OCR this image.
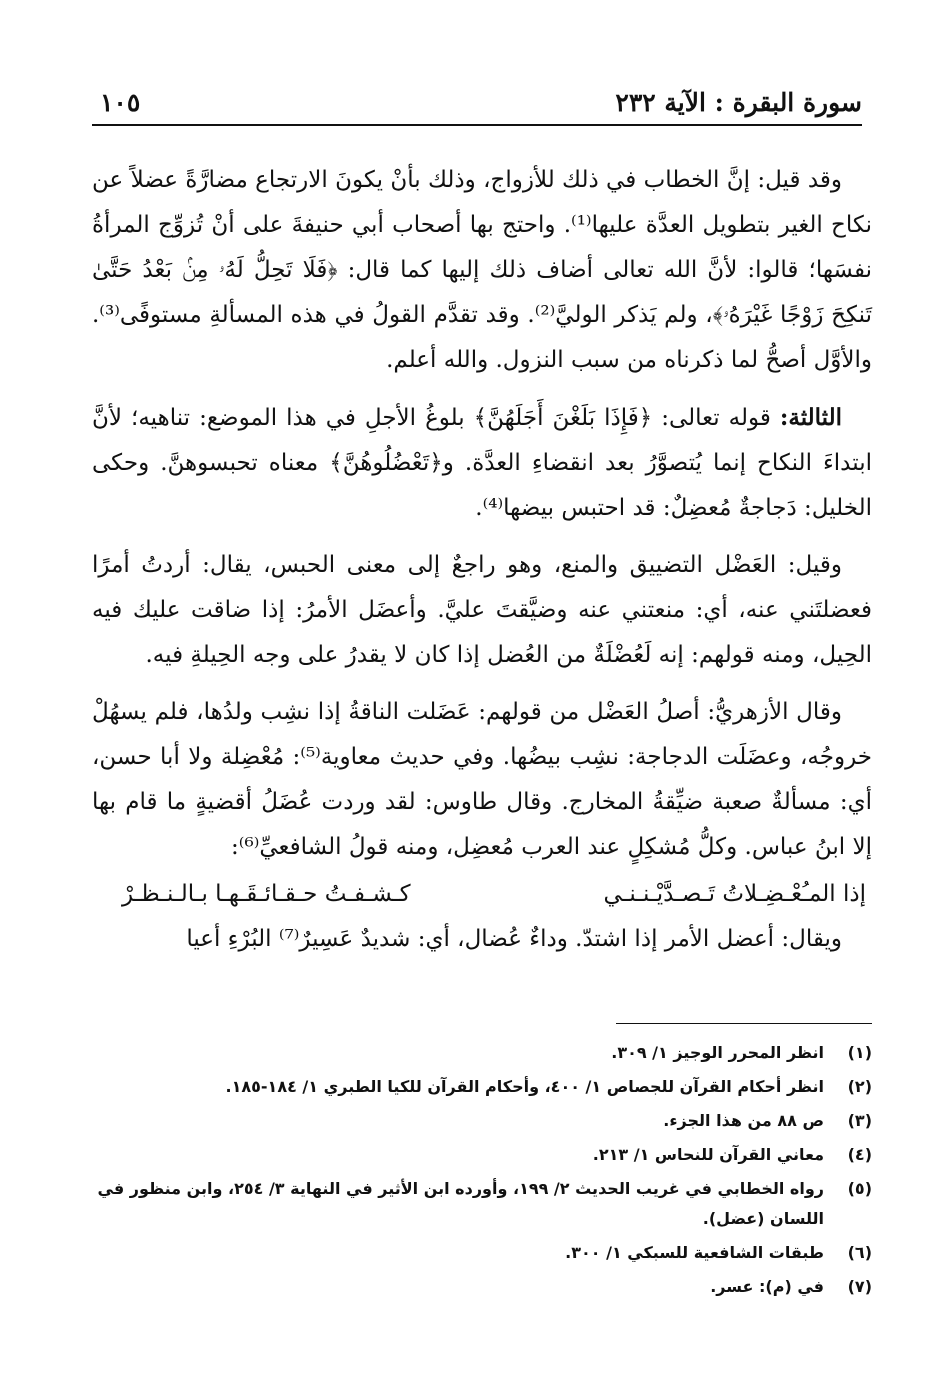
سورة البقرة : الآية ٢٣٢
١٠٥

وقد قيل: إنَّ الخطاب في ذلك للأزواج، وذلك بأنْ يكونَ الارتجاع مضارَّةً عضلاً عن نكاح الغير بتطويل العدَّة عليها⁽¹⁾. واحتج بها أصحاب أبي حنيفةَ على أنْ تُزوِّج المرأةُ نفسَها؛ قالوا: لأنَّ الله تعالى أضاف ذلك إليها كما قال: ﴿فَلَا تَحِلُّ لَهُۥ مِنۢ بَعْدُ حَتَّىٰ تَنكِحَ زَوْجًا غَيْرَهُۥ﴾، ولم يَذكر الوليَّ⁽²⁾. وقد تقدَّم القولُ في هذه المسألةِ مستوفًى⁽³⁾. والأوَّل أصحُّ لما ذكرناه من سبب النزول. والله أعلم.

الثالثة: قوله تعالى: ﴿فَإِذَا بَلَغْنَ أَجَلَهُنَّ﴾ بلوغُ الأجلِ في هذا الموضع: تناهيه؛ لأنَّ ابتداءَ النكاح إنما يُتصوَّرُ بعد انقضاءِ العدَّة. و﴿تَعْضُلُوهُنَّ﴾ معناه تحبسوهنَّ. وحكى الخليل: دَجاجةٌ مُعضِلٌ: قد احتبس بيضها⁽⁴⁾.

وقيل: العَضْل التضييق والمنع، وهو راجعٌ إلى معنى الحبس، يقال: أردتُ أمرًا فعضلتَني عنه، أي: منعتني عنه وضيَّقتَ عليَّ. وأعضَل الأمرُ: إذا ضاقت عليك فيه الحِيل، ومنه قولهم: إنه لَعُضْلَةٌ من العُضل إذا كان لا يقدرُ على وجه الحِيلةِ فيه.

وقال الأزهريُّ: أصلُ العَضْل من قولهم: عَضَلت الناقةُ إذا نشِب ولدُها، فلم يسهُلْ خروجُه، وعضَلَت الدجاجة: نشِب بيضُها. وفي حديث معاوية⁽⁵⁾: مُعْضِلة ولا أبا حسن، أي: مسألةٌ صعبة ضيِّقةُ المخارج. وقال طاوس: لقد وردت عُضَلُ أقضيةٍ ما قام بها إلا ابنُ عباس. وكلُّ مُشكِلٍ عند العرب مُعضِل، ومنه قولُ الشافعيِّ⁽⁶⁾:

إذا المـُعْـضِـلاتُ تَـصـدَّيْـنـنـي
كـشـفـتُ حـقـائـقَـهـا بـالـنـظـرْ

ويقال: أعضل الأمر إذا اشتدّ. وداءٌ عُضال، أي: شديدٌ عَسِيرٌ⁽⁷⁾ البُرْءِ أعيا

(١)
انظر المحرر الوجيز ١/ ٣٠٩.
(٢)
انظر أحكام القرآن للجصاص ١/ ٤٠٠، وأحكام القرآن للكيا الطبري ١/ ١٨٤-١٨٥.
(٣)
ص ٨٨ من هذا الجزء.
(٤)
معاني القرآن للنحاس ١/ ٢١٣.
(٥)
رواه الخطابي في غريب الحديث ٢/ ١٩٩، وأورده ابن الأثير في النهاية ٣/ ٢٥٤، وابن منظور في اللسان (عضل).
(٦)
طبقات الشافعية للسبكي ١/ ٣٠٠.
(٧)
في (م): عسر.
